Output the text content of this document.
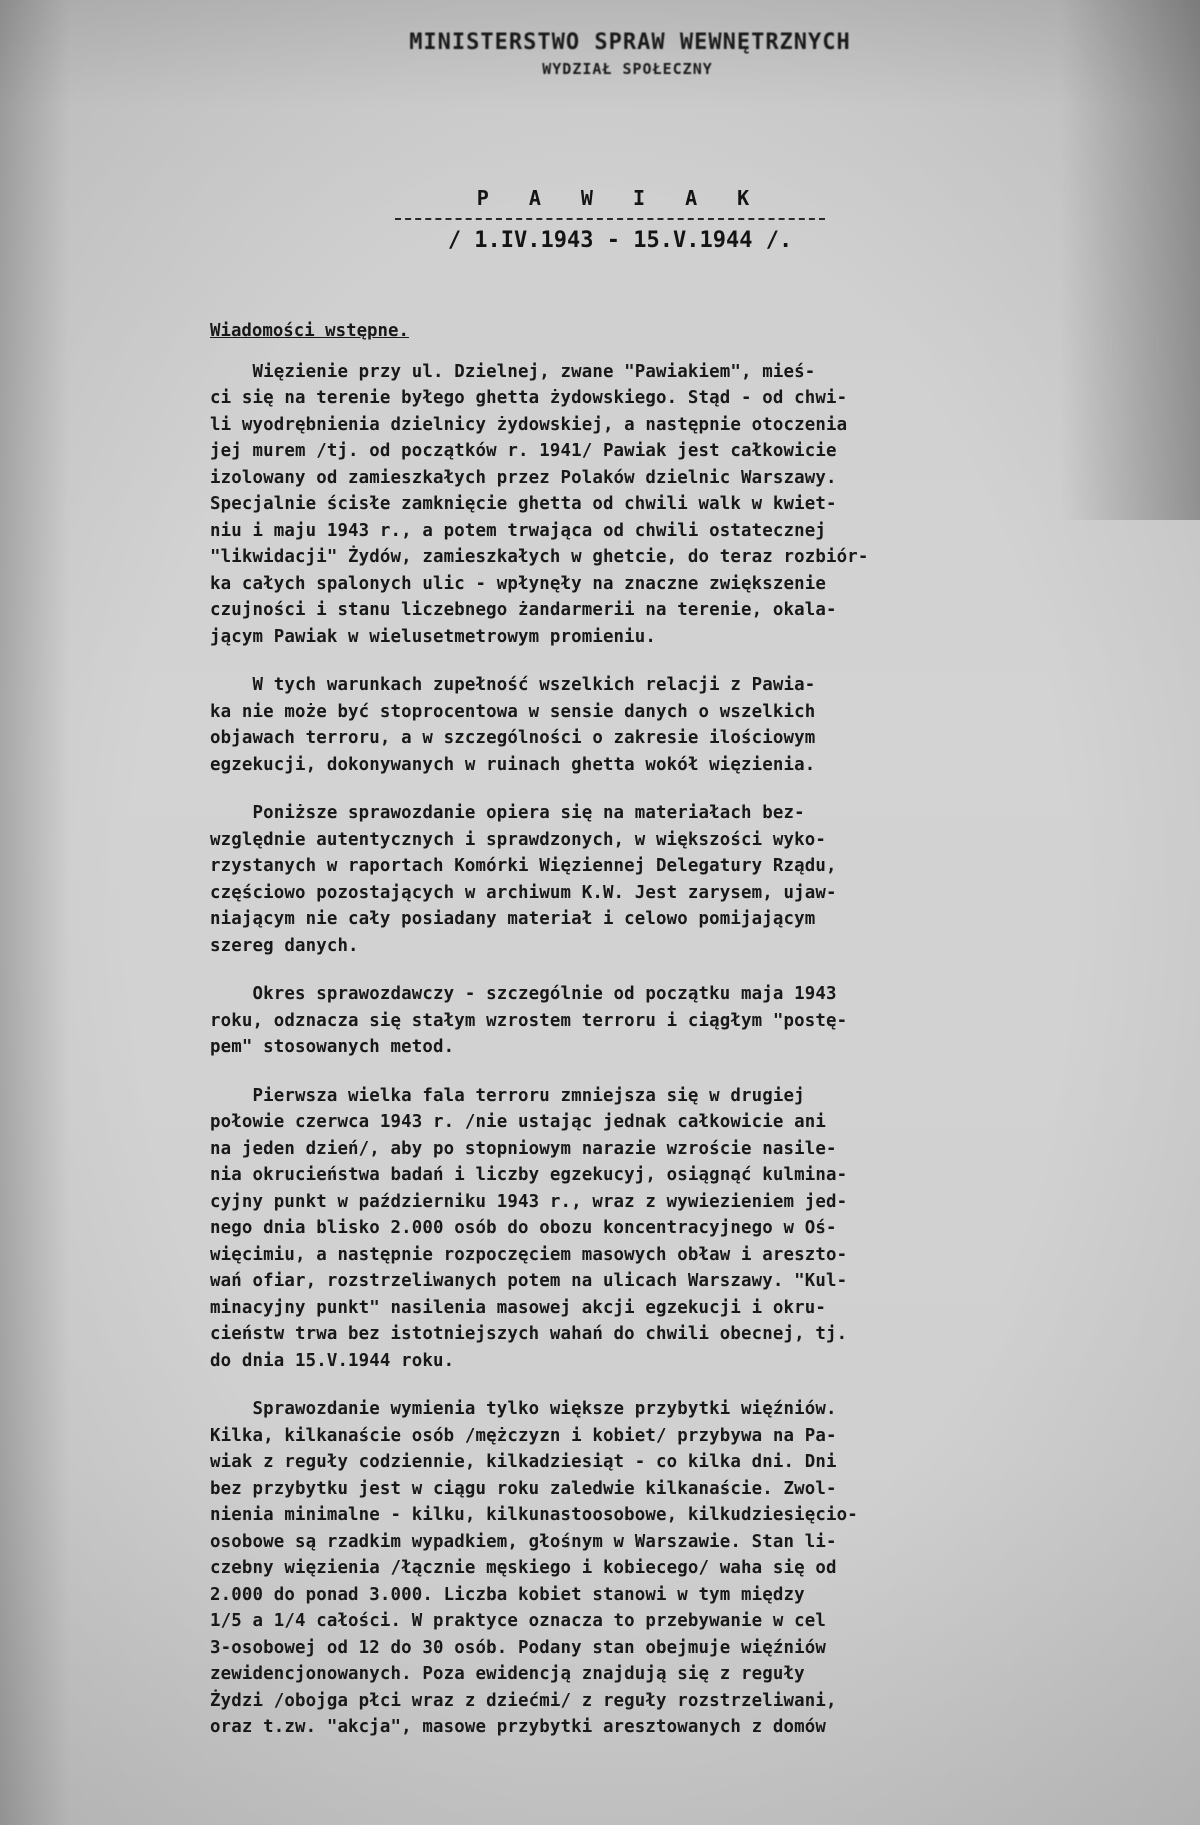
MINISTERSTWO SPRAW WEWNĘTRZNYCH
WYDZIAŁ SPOŁECZNY
P A W I A K
/ 1.IV.1943 - 15.V.1944 /.
Wiadomości wstępne.

Więzienie przy ul. Dzielnej, zwane "Pawiakiem", mieś-
ci się na terenie byłego ghetta żydowskiego. Stąd - od chwi-
li wyodrębnienia dzielnicy żydowskiej, a następnie otoczenia
jej murem /tj. od początków r. 1941/ Pawiak jest całkowicie
izolowany od zamieszkałych przez Polaków dzielnic Warszawy.
Specjalnie ścisłe zamknięcie ghetta od chwili walk w kwiet-
niu i maju 1943 r., a potem trwająca od chwili ostatecznej
"likwidacji" Żydów, zamieszkałych w ghetcie, do teraz rozbiór-
ka całych spalonych ulic - wpłynęły na znaczne zwiększenie
czujności i stanu liczebnego żandarmerii na terenie, okala-
jącym Pawiak w wielusetmetrowym promieniu.

W tych warunkach zupełność wszelkich relacji z Pawia-
ka nie może być stoprocentowa w sensie danych o wszelkich
objawach terroru, a w szczególności o zakresie ilościowym
egzekucji, dokonywanych w ruinach ghetta wokół więzienia.

Poniższe sprawozdanie opiera się na materiałach bez-
względnie autentycznych i sprawdzonych, w większości wyko-
rzystanych w raportach Komórki Więziennej Delegatury Rządu,
częściowo pozostających w archiwum K.W. Jest zarysem, ujaw-
niającym nie cały posiadany materiał i celowo pomijającym
szereg danych.

Okres sprawozdawczy - szczególnie od początku maja 1943
roku, odznacza się stałym wzrostem terroru i ciągłym "postę-
pem" stosowanych metod.

Pierwsza wielka fala terroru zmniejsza się w drugiej
połowie czerwca 1943 r. /nie ustając jednak całkowicie ani
na jeden dzień/, aby po stopniowym narazie wzroście nasile-
nia okrucieństwa badań i liczby egzekucyj, osiągnąć kulmina-
cyjny punkt w październiku 1943 r., wraz z wywiezieniem jed-
nego dnia blisko 2.000 osób do obozu koncentracyjnego w Oś-
więcimiu, a następnie rozpoczęciem masowych obław i areszto-
wań ofiar, rozstrzeliwanych potem na ulicach Warszawy. "Kul-
minacyjny punkt" nasilenia masowej akcji egzekucji i okru-
cieństw trwa bez istotniejszych wahań do chwili obecnej, tj.
do dnia 15.V.1944 roku.

Sprawozdanie wymienia tylko większe przybytki więźniów.
Kilka, kilkanaście osób /mężczyzn i kobiet/ przybywa na Pa-
wiak z reguły codziennie, kilkadziesiąt - co kilka dni. Dni
bez przybytku jest w ciągu roku zaledwie kilkanaście. Zwol-
nienia minimalne - kilku, kilkunastoosobowe, kilkudziesięcio-
osobowe są rzadkim wypadkiem, głośnym w Warszawie. Stan li-
czebny więzienia /łącznie męskiego i kobiecego/ waha się od
2.000 do ponad 3.000. Liczba kobiet stanowi w tym między
1/5 a 1/4 całości. W praktyce oznacza to przebywanie w cel
3-osobowej od 12 do 30 osób. Podany stan obejmuje więźniów
zewidencjonowanych. Poza ewidencją znajdują się z reguły
Żydzi /obojga płci wraz z dziećmi/ z reguły rozstrzeliwani,
oraz t.zw. "akcja", masowe przybytki aresztowanych z domów
